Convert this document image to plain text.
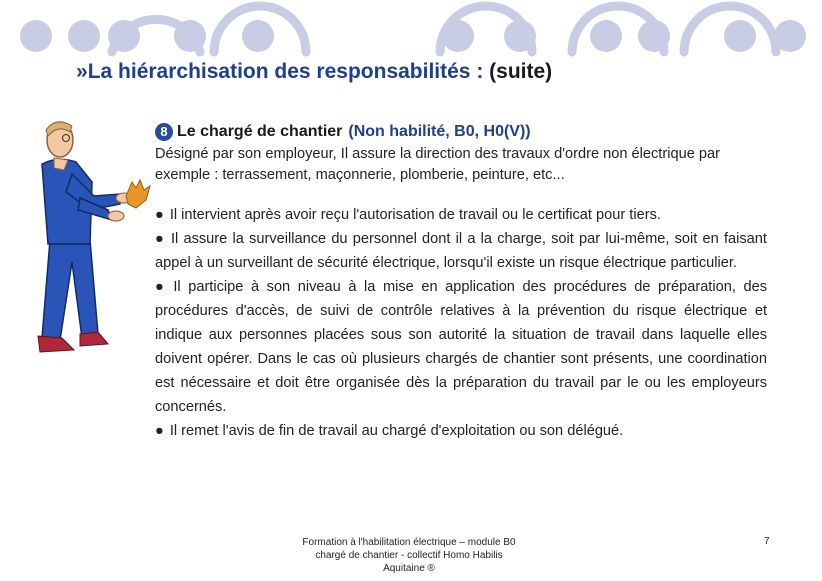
»La hiérarchisation des responsabilités : (suite)
8 Le chargé de chantier (Non habilité, B0, H0(V))

Désigné par son employeur, Il assure la direction des travaux d'ordre non électrique par exemple : terrassement, maçonnerie, plomberie, peinture, etc...

● Il intervient après avoir reçu l'autorisation de travail ou le certificat pour tiers.
● Il assure la surveillance du personnel dont il a la charge, soit par lui-même, soit en faisant appel à un surveillant de sécurité électrique, lorsqu'il existe un risque électrique particulier.
● Il participe à son niveau à la mise en application des procédures de préparation, des procédures d'accès, de suivi de contrôle relatives à la prévention du risque électrique et indique aux personnes placées sous son autorité la situation de travail dans laquelle elles doivent opérer. Dans le cas où plusieurs chargés de chantier sont présents, une coordination est nécessaire et doit être organisée dès la préparation du travail par le ou les employeurs concernés.
● Il remet l'avis de fin de travail au chargé d'exploitation ou son délégué.
Formation à l'habilitation électrique – module B0
chargé de chantier - collectif Homo Habilis
Aquitaine ®
7
